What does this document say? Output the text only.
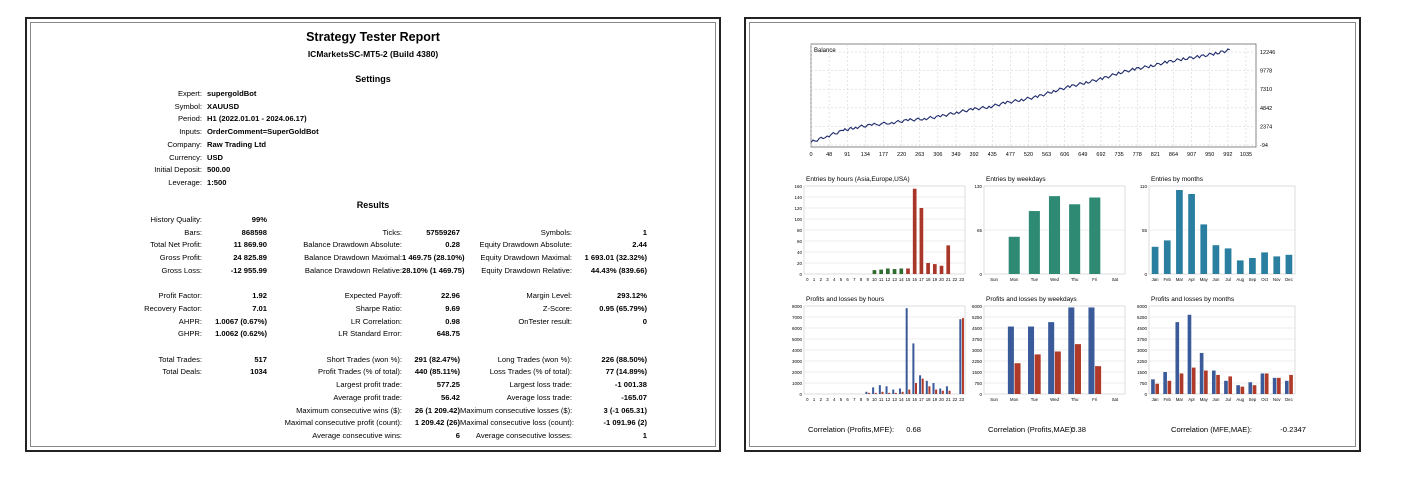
Strategy Tester Report
ICMarketsSC-MT5-2 (Build 4380)
Settings
Results
Expert: supergoldBot
Symbol: XAUUSD
Period: H1 (2022.01.01 - 2024.06.17)
Inputs: OrderComment=SuperGoldBot
Company: Raw Trading Ltd
Currency: USD
Initial Deposit: 500.00
Leverage: 1:500
History Quality:	99%
Bars:	868598	Ticks:	57559267	Symbols:	1
Total Net Profit:	11 869.90	Balance Drawdown Absolute:	0.28	Equity Drawdown Absolute:	2.44
Gross Profit:	24 825.89	Balance Drawdown Maximal: 1 469.75 (28.10%)	Equity Drawdown Maximal:	1 693.01 (32.32%)
Gross Loss:	-12 955.99	Balance Drawdown Relative: 28.10% (1 469.75)	Equity Drawdown Relative:	44.43% (839.66)
Profit Factor:	1.92	Expected Payoff:	22.96	Margin Level:	293.12%
Recovery Factor:	7.01	Sharpe Ratio:	9.69	Z-Score:	0.95 (65.79%)
AHPR:	1.0067 (0.67%)	LR Correlation:	0.98	OnTester result:	0
GHPR:	1.0062 (0.62%)	LR Standard Error:	648.75
Total Trades:	517	Short Trades (won %):	291 (82.47%)	Long Trades (won %):	226 (88.50%)
Total Deals:	1034	Profit Trades (% of total):	440 (85.11%)	Loss Trades (% of total):	77 (14.89%)
Largest profit trade:	577.25	Largest loss trade:	-1 001.38
Average profit trade:	56.42	Average loss trade:	-165.07
Maximum consecutive wins ($):	26 (1 209.42) Maximum consecutive losses ($):	3 (-1 065.31)
Maximal consecutive profit (count):	1 209.42 (26) Maximal consecutive loss (count):	-1 091.96 (2)
Average consecutive wins:	6	Average consecutive losses:	1
0 48 91 134 177 220 263 306 349 392 435 477 520 563 606 649 692 735 778 821 864 907 950 992 1035
12246
9778
7310
4842
2374
-94
Balance
Entries by hours (Asia,Europe,USA)
160
140
120
100
80
60
40
20
0
0 1 2 3 4 5 6 7 8 9 10 11 12 13 14 15 16 17 18 19 20 21 22 23
Entries by weekdays
130
65
0
Sun	Mon	Tue	Wed	Thu	Fri	Sat
Entries by months
110
55
0
Jan Feb Mar Apr May Jun Jul Aug Sep Oct Nov Dec
Profits and losses by hours
8000
7000
6000
5000
4000
3000
2000
1000
0
0 1 2 3 4 5 6 7 8 9 10 11 12 13 14 15 16 17 18 19 20 21 22 23
Profits and losses by weekdays
6000
5250
4500
3750
3000
2250
1500
750
0
Sun	Mon	Tue	Wed	Thu	Fri	Sat
Profits and losses by months
6000
5250
4500
3750
3000
2250
1500
750
0
Jan Feb Mar Apr May Jun Jul Aug Sep Oct Nov Dec
Correlation (Profits,MFE):	0.68	Correlation (Profits,MAE):
0.38	Correlation (MFE,MAE):	-0.2347
